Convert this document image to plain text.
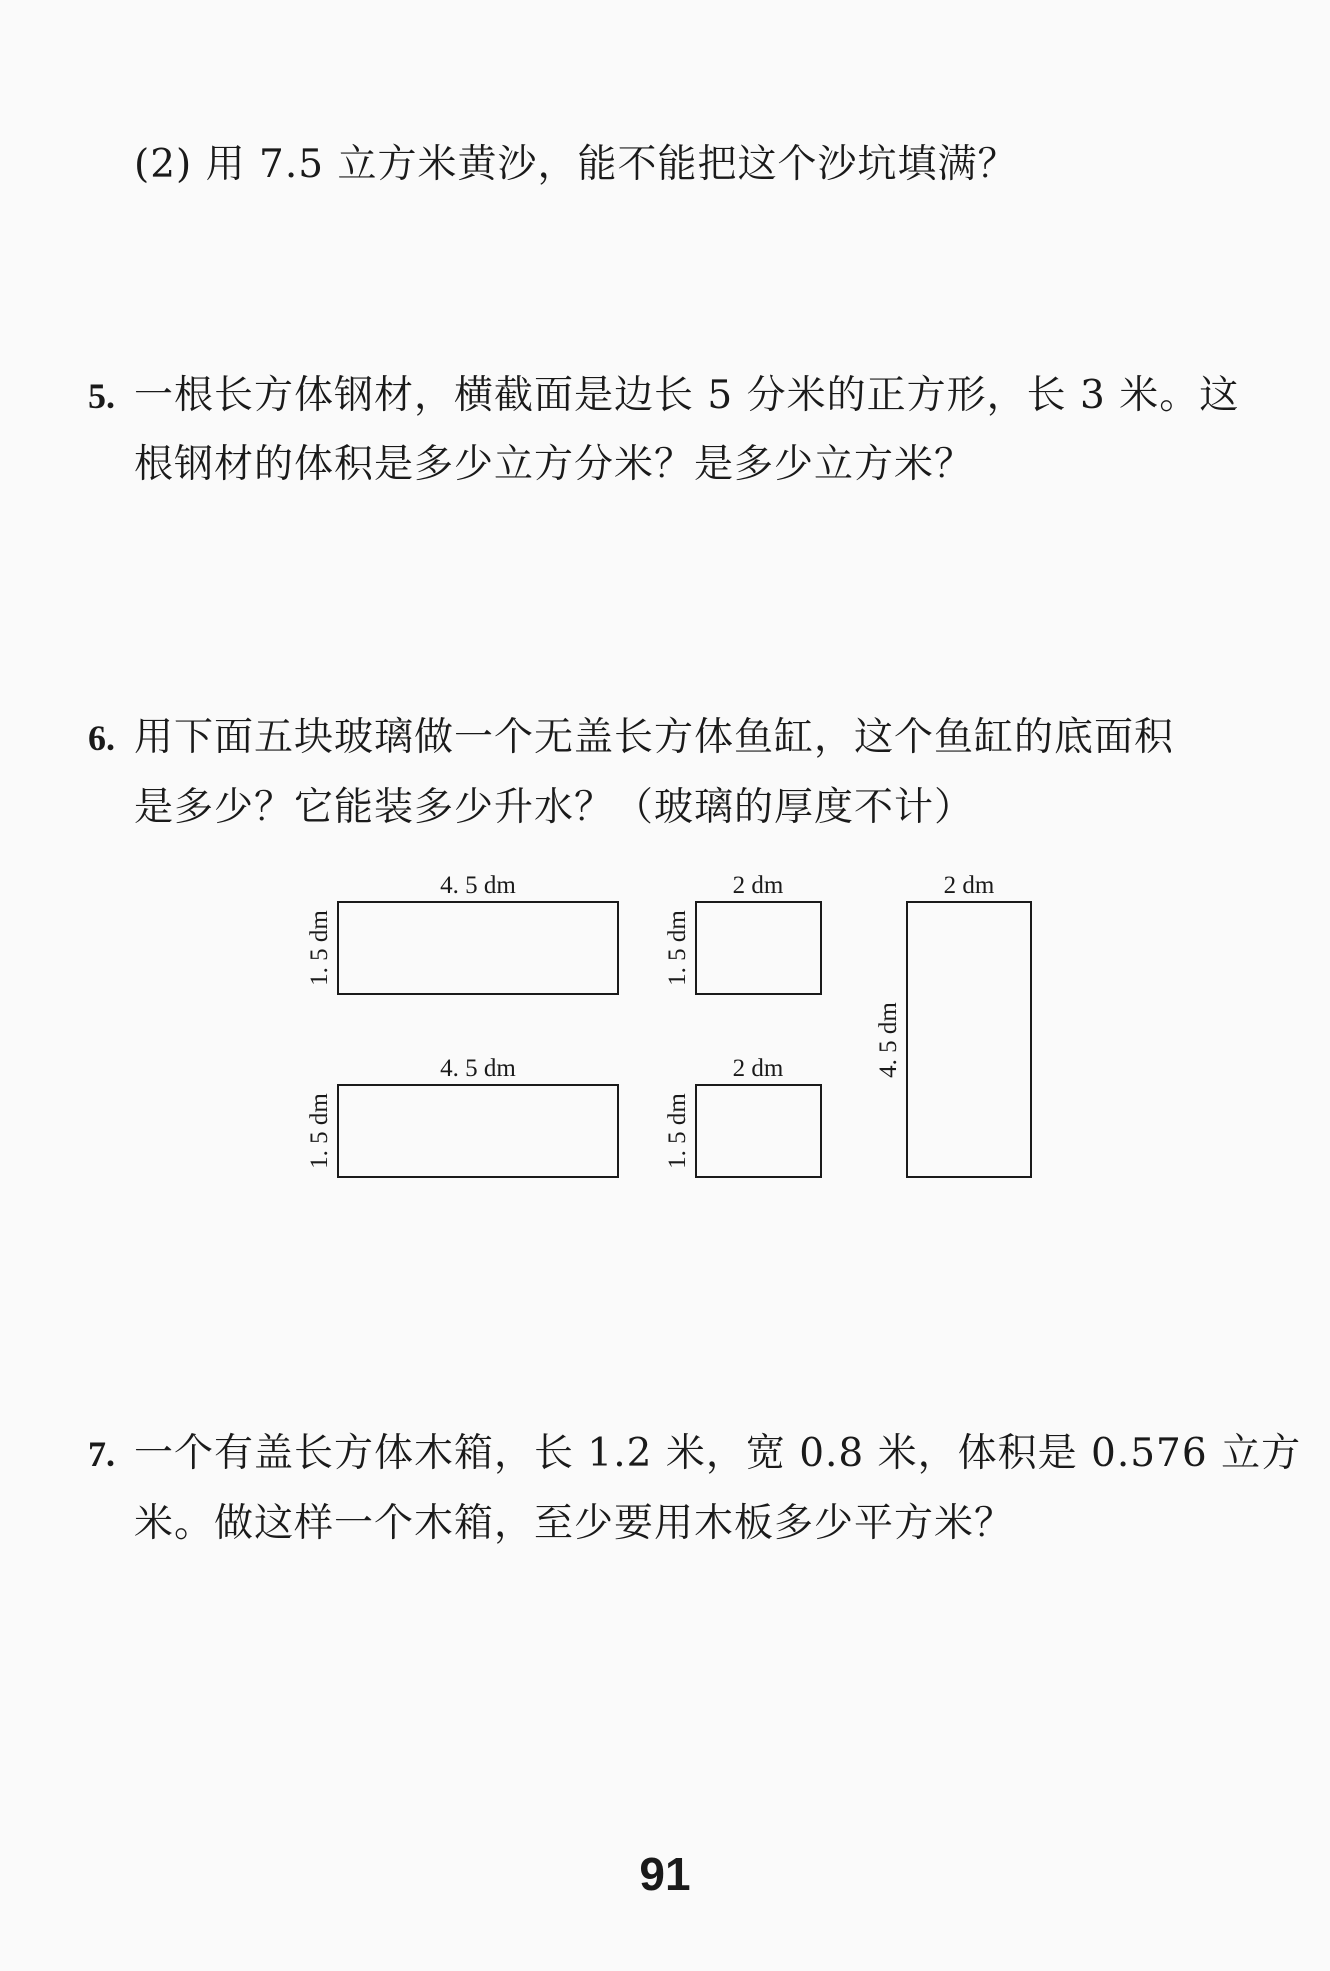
(2) 用 7.5 立方米黄沙，能不能把这个沙坑填满？
5. 一根长方体钢材，横截面是边长 5 分米的正方形，长 3 米。这
根钢材的体积是多少立方分米？是多少立方米？
6. 用下面五块玻璃做一个无盖长方体鱼缸，这个鱼缸的底面积
是多少？它能装多少升水？（玻璃的厚度不计）
4. 5 dm
1. 5 dm
2 dm
1. 5 dm
4. 5 dm
1. 5 dm
2 dm
1. 5 dm
2 dm
4. 5 dm
7. 一个有盖长方体木箱，长 1.2 米，宽 0.8 米，体积是 0.576 立方
米。做这样一个木箱，至少要用木板多少平方米？
91
